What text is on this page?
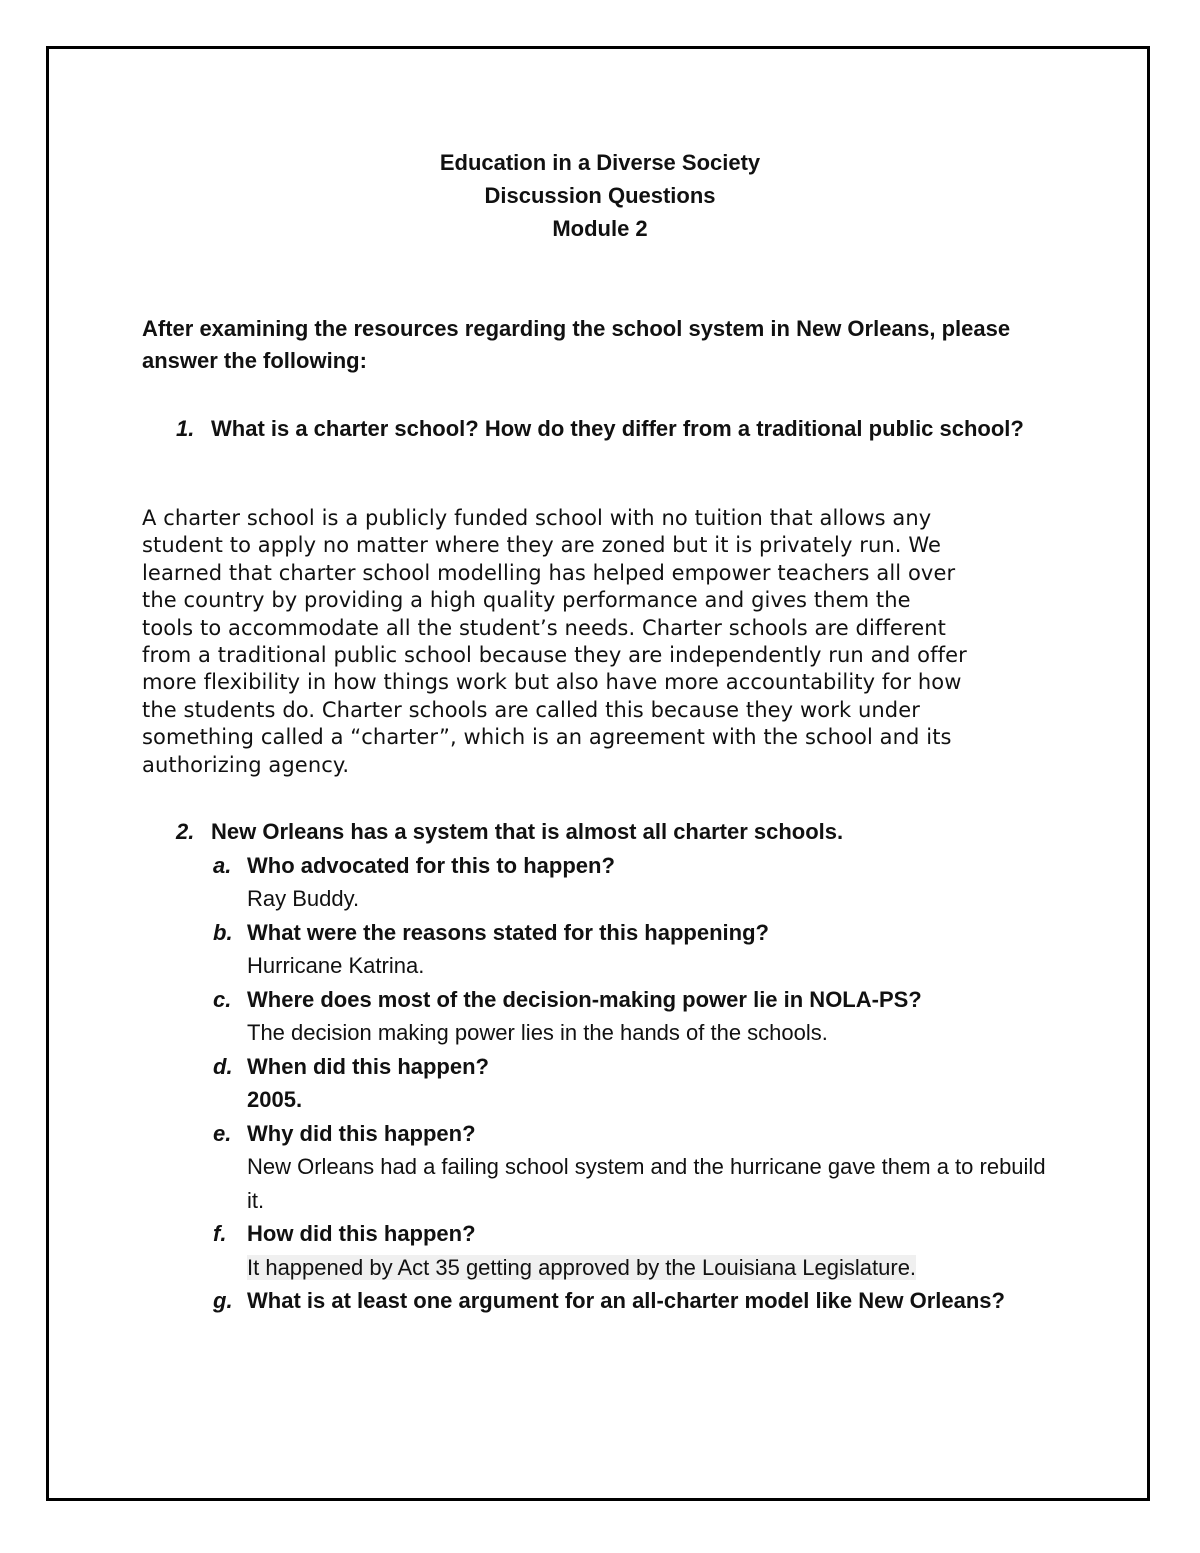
Education in a Diverse Society
Discussion Questions
Module 2
After examining the resources regarding the school system in New Orleans, please answer the following:
1. What is a charter school? How do they differ from a traditional public school?
A charter school is a publicly funded school with no tuition that allows any
student to apply no matter where they are zoned but it is privately run. We
learned that charter school modelling has helped empower teachers all over
the country by providing a high quality performance and gives them the
tools to accommodate all the student’s needs. Charter schools are different
from a traditional public school because they are independently run and offer
more flexibility in how things work but also have more accountability for how
the students do. Charter schools are called this because they work under
something called a “charter”, which is an agreement with the school and its
authorizing agency.
2. New Orleans has a system that is almost all charter schools.
a. Who advocated for this to happen?
Ray Buddy.
b. What were the reasons stated for this happening?
Hurricane Katrina.
c. Where does most of the decision-making power lie in NOLA-PS?
The decision making power lies in the hands of the schools.
d. When did this happen?
2005.
e. Why did this happen?
New Orleans had a failing school system and the hurricane gave them a to rebuild it.
f. How did this happen?
It happened by Act 35 getting approved by the Louisiana Legislature.
g. What is at least one argument for an all-charter model like New Orleans?
